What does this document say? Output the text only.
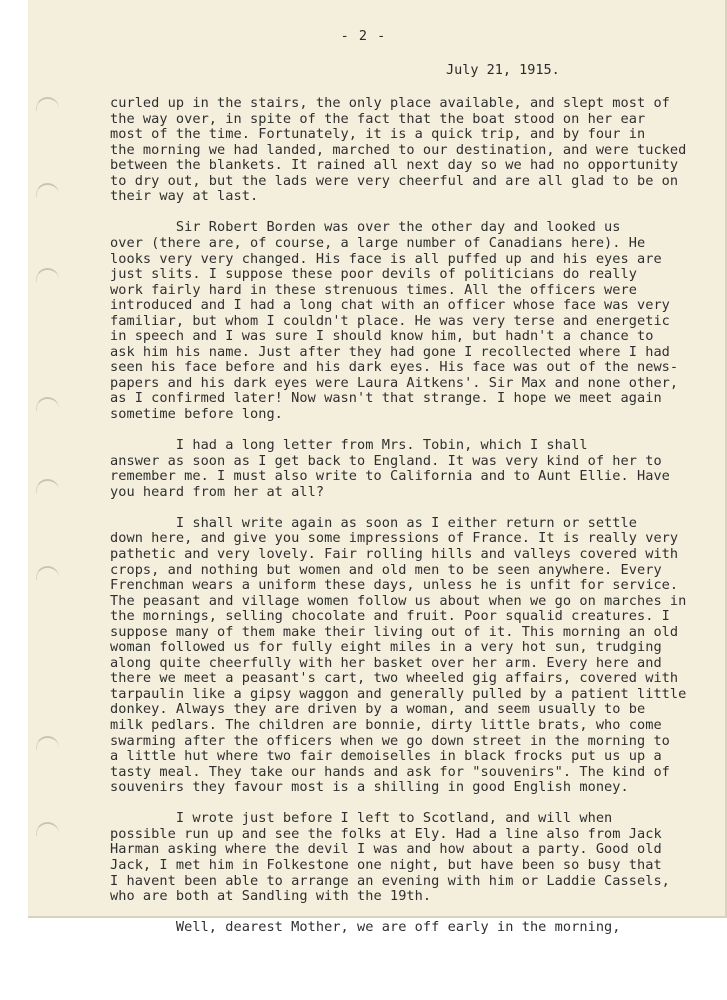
- 2 -
July 21, 1915.
curled up in the stairs, the only place available, and slept most of
the way over, in spite of the fact that the boat stood on her ear
most of the time. Fortunately, it is a quick trip, and by four in
the morning we had landed, marched to our destination, and were tucked
between the blankets. It rained all next day so we had no opportunity
to dry out, but the lads were very cheerful and are all glad to be on
their way at last.
Sir Robert Borden was over the other day and looked us
over (there are, of course, a large number of Canadians here). He
looks very very changed. His face is all puffed up and his eyes are
just slits. I suppose these poor devils of politicians do really
work fairly hard in these strenuous times. All the officers were
introduced and I had a long chat with an officer whose face was very
familiar, but whom I couldn't place. He was very terse and energetic
in speech and I was sure I should know him, but hadn't a chance to
ask him his name. Just after they had gone I recollected where I had
seen his face before and his dark eyes. His face was out of the news-
papers and his dark eyes were Laura Aitkens'. Sir Max and none other,
as I confirmed later! Now wasn't that strange. I hope we meet again
sometime before long.
I had a long letter from Mrs. Tobin, which I shall
answer as soon as I get back to England. It was very kind of her to
remember me. I must also write to California and to Aunt Ellie. Have
you heard from her at all?
I shall write again as soon as I either return or settle
down here, and give you some impressions of France. It is really very
pathetic and very lovely. Fair rolling hills and valleys covered with
crops, and nothing but women and old men to be seen anywhere. Every
Frenchman wears a uniform these days, unless he is unfit for service.
The peasant and village women follow us about when we go on marches in
the mornings, selling chocolate and fruit. Poor squalid creatures. I
suppose many of them make their living out of it. This morning an old
woman followed us for fully eight miles in a very hot sun, trudging
along quite cheerfully with her basket over her arm. Every here and
there we meet a peasant's cart, two wheeled gig affairs, covered with
tarpaulin like a gipsy waggon and generally pulled by a patient little
donkey. Always they are driven by a woman, and seem usually to be
milk pedlars. The children are bonnie, dirty little brats, who come
swarming after the officers when we go down street in the morning to
a little hut where two fair demoiselles in black frocks put us up a
tasty meal. They take our hands and ask for "souvenirs". The kind of
souvenirs they favour most is a shilling in good English money.
I wrote just before I left to Scotland, and will when
possible run up and see the folks at Ely. Had a line also from Jack
Harman asking where the devil I was and how about a party. Good old
Jack, I met him in Folkestone one night, but have been so busy that
I havent been able to arrange an evening with him or Laddie Cassels,
who are both at Sandling with the 19th.
Well, dearest Mother, we are off early in the morning,
